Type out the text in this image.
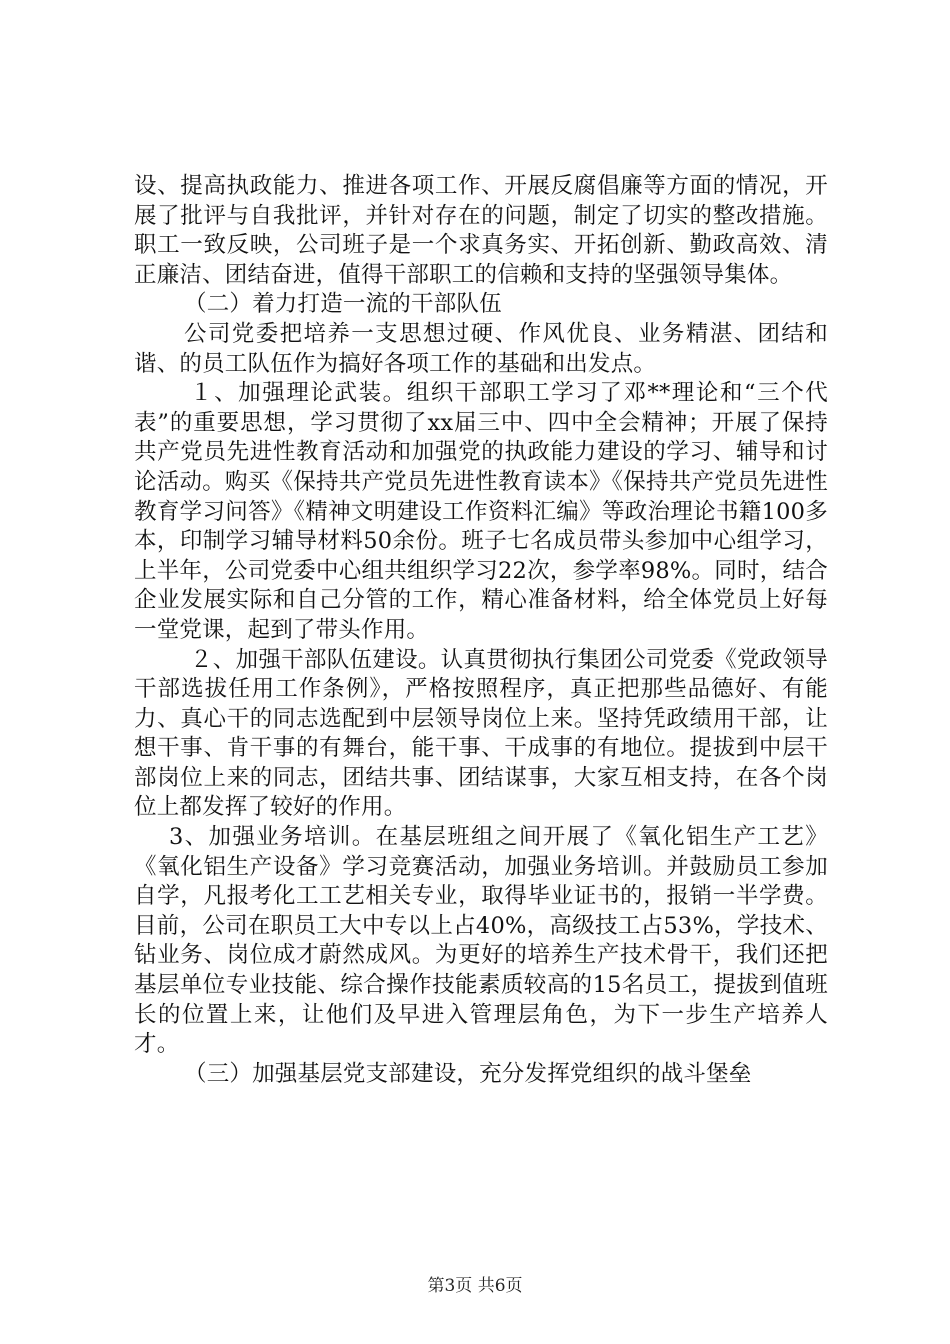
设、提高执政能力、推进各项工作、开展反腐倡廉等方面的情况，开展了批评与自我批评，并针对存在的问题，制定了切实的整改措施。职工一致反映，公司班子是一个求真务实、开拓创新、勤政高效、清正廉洁、团结奋进，值得干部职工的信赖和支持的坚强领导集体。

（二）着力打造一流的干部队伍

公司党委把培养一支思想过硬、作风优良、业务精湛、团结和谐、的员工队伍作为搞好各项工作的基础和出发点。

１、加强理论武装。组织干部职工学习了邓**理论和“三个代表”的重要思想，学习贯彻了xx届三中、四中全会精神；开展了保持共产党员先进性教育活动和加强党的执政能力建设的学习、辅导和讨论活动。购买《保持共产党员先进性教育读本》《保持共产党员先进性教育学习问答》《精神文明建设工作资料汇编》等政治理论书籍100多本，印制学习辅导材料50余份。班子七名成员带头参加中心组学习，上半年，公司党委中心组共组织学习22次，参学率98%。同时，结合企业发展实际和自己分管的工作，精心准备材料，给全体党员上好每一堂党课，起到了带头作用。

２、加强干部队伍建设。认真贯彻执行集团公司党委《党政领导干部选拔任用工作条例》，严格按照程序，真正把那些品德好、有能力、真心干的同志选配到中层领导岗位上来。坚持凭政绩用干部，让想干事、肯干事的有舞台，能干事、干成事的有地位。提拔到中层干部岗位上来的同志，团结共事、团结谋事，大家互相支持，在各个岗位上都发挥了较好的作用。

3、加强业务培训。在基层班组之间开展了《氧化铝生产工艺》《氧化铝生产设备》学习竞赛活动，加强业务培训。并鼓励员工参加自学，凡报考化工工艺相关专业，取得毕业证书的，报销一半学费。目前，公司在职员工大中专以上占40%，高级技工占53%，学技术、钻业务、岗位成才蔚然成风。为更好的培养生产技术骨干，我们还把基层单位专业技能、综合操作技能素质较高的15名员工，提拔到值班长的位置上来，让他们及早进入管理层角色，为下一步生产培养人才。

（三）加强基层党支部建设，充分发挥党组织的战斗堡垒

第3页 共6页
